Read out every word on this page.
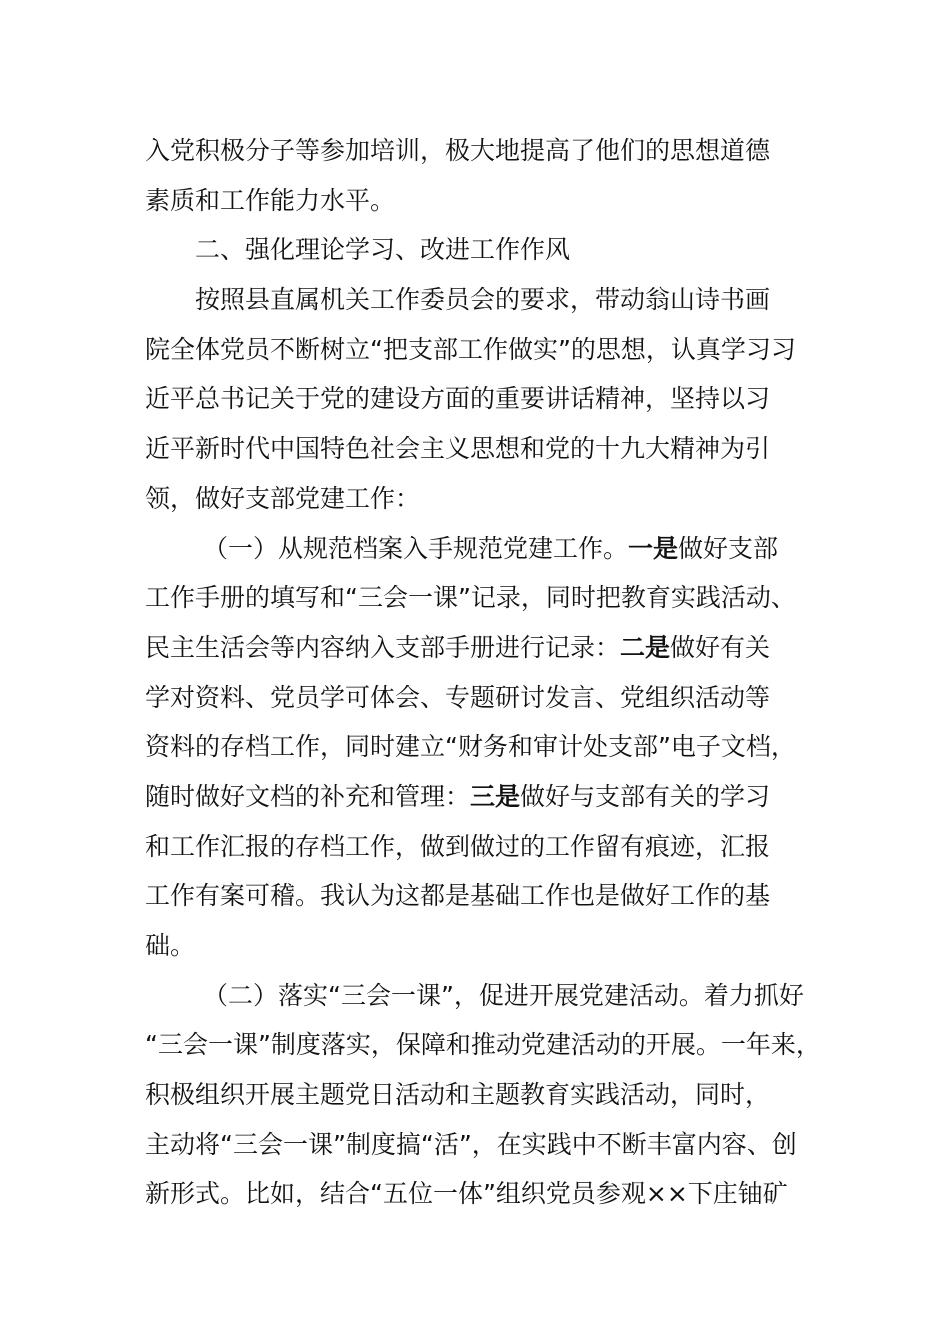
入党积极分子等参加培训，极大地提高了他们的思想道德
素质和工作能力水平。
二、强化理论学习、改进工作作风
按照县直属机关工作委员会的要求，带动翁山诗书画
院全体党员不断树立“把支部工作做实”的思想，认真学习习
近平总书记关于党的建设方面的重要讲话精神，坚持以习
近平新时代中国特色社会主义思想和党的十九大精神为引
领，做好支部党建工作：
（一）从规范档案入手规范党建工作。一是做好支部
工作手册的填写和“三会一课”记录，同时把教育实践活动、
民主生活会等内容纳入支部手册进行记录：二是做好有关
学对资料、党员学可体会、专题研讨发言、党组织活动等
资料的存档工作，同时建立“财务和审计处支部”电子文档，
随时做好文档的补充和管理：三是做好与支部有关的学习
和工作汇报的存档工作，做到做过的工作留有痕迹，汇报
工作有案可稽。我认为这都是基础工作也是做好工作的基
础。
（二）落实“三会一课”，促进开展党建活动。着力抓好
“三会一课”制度落实，保障和推动党建活动的开展。一年来，
积极组织开展主题党日活动和主题教育实践活动，同时，
主动将“三会一课”制度搞“活”，在实践中不断丰富内容、创
新形式。比如，结合“五位一体”组织党员参观××下庄铀矿
